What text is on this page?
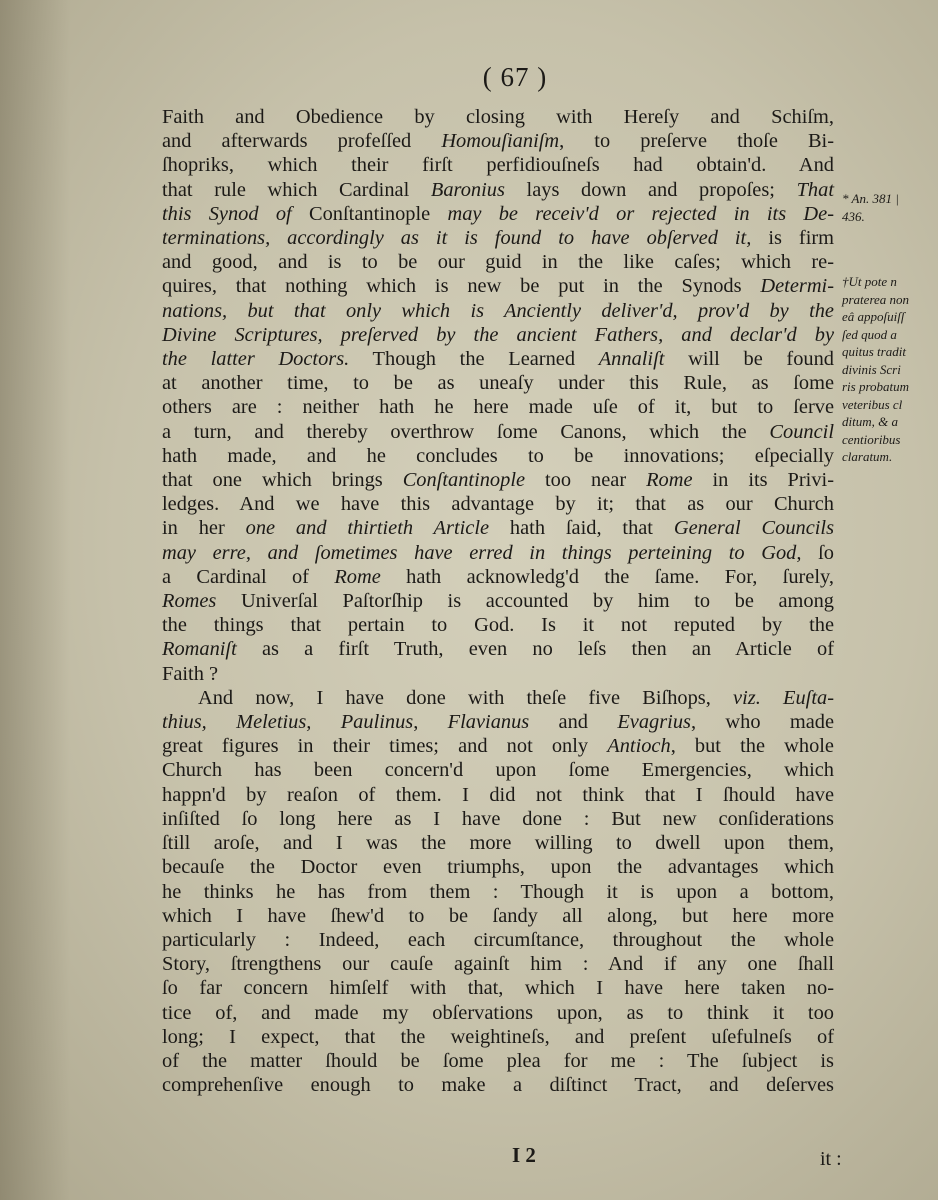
( 67 )
Faith and Obedience by closing with Hereſy and Schiſm,
and afterwards profeſſed Homouſianiſm, to preſerve thoſe Bi-
ſhopriks, which their firſt perfidiouſneſs had obtain'd. And
that rule which Cardinal Baronius lays down and propoſes; That
this Synod of Conſtantinople may be receiv'd or rejected in its De-
terminations, accordingly as it is found to have obſerved it, is firm
and good, and is to be our guid in the like caſes; which re-
quires, that nothing which is new be put in the Synods Determi-
nations, but that only which is Anciently deliver'd, prov'd by the
Divine Scriptures, preſerved by the ancient Fathers, and declar'd by
the latter Doctors. Though the Learned Annaliſt will be found
at another time, to be as uneaſy under this Rule, as ſome
others are : neither hath he here made uſe of it, but to ſerve
a turn, and thereby overthrow ſome Canons, which the Council
hath made, and he concludes to be innovations; eſpecially
that one which brings Conſtantinople too near Rome in its Privi-
ledges. And we have this advantage by it; that as our Church
in her one and thirtieth Article hath ſaid, that General Councils
may erre, and ſometimes have erred in things perteining to God, ſo
a Cardinal of Rome hath acknowledg'd the ſame. For, ſurely,
Romes Univerſal Paſtorſhip is accounted by him to be among
the things that pertain to God. Is it not reputed by the
Romaniſt as a firſt Truth, even no leſs then an Article of
Faith ?
And now, I have done with theſe five Biſhops, viz. Euſta-
thius, Meletius, Paulinus, Flavianus and Evagrius, who made
great figures in their times; and not only Antioch, but the whole
Church has been concern'd upon ſome Emergencies, which
happn'd by reaſon of them. I did not think that I ſhould have
inſiſted ſo long here as I have done : But new conſiderations
ſtill aroſe, and I was the more willing to dwell upon them,
becauſe the Doctor even triumphs, upon the advantages which
he thinks he has from them : Though it is upon a bottom,
which I have ſhew'd to be ſandy all along, but here more
particularly : Indeed, each circumſtance, throughout the whole
Story, ſtrengthens our cauſe againſt him : And if any one ſhall
ſo far concern himſelf with that, which I have here taken no-
tice of, and made my obſervations upon, as to think it too
long; I expect, that the weightineſs, and preſent uſefulneſs of
of the matter ſhould be ſome plea for me : The ſubject is
comprehenſive enough to make a diſtinct Tract, and deſerves
* An. 381 |
436.
†Ut pote n
praterea non
eâ appoſuiſſ
ſed quod a
quitus tradit
divinis Scri
ris probatum
veteribus cl
ditum, & a
centioribus
claratum.
I 2	it :
